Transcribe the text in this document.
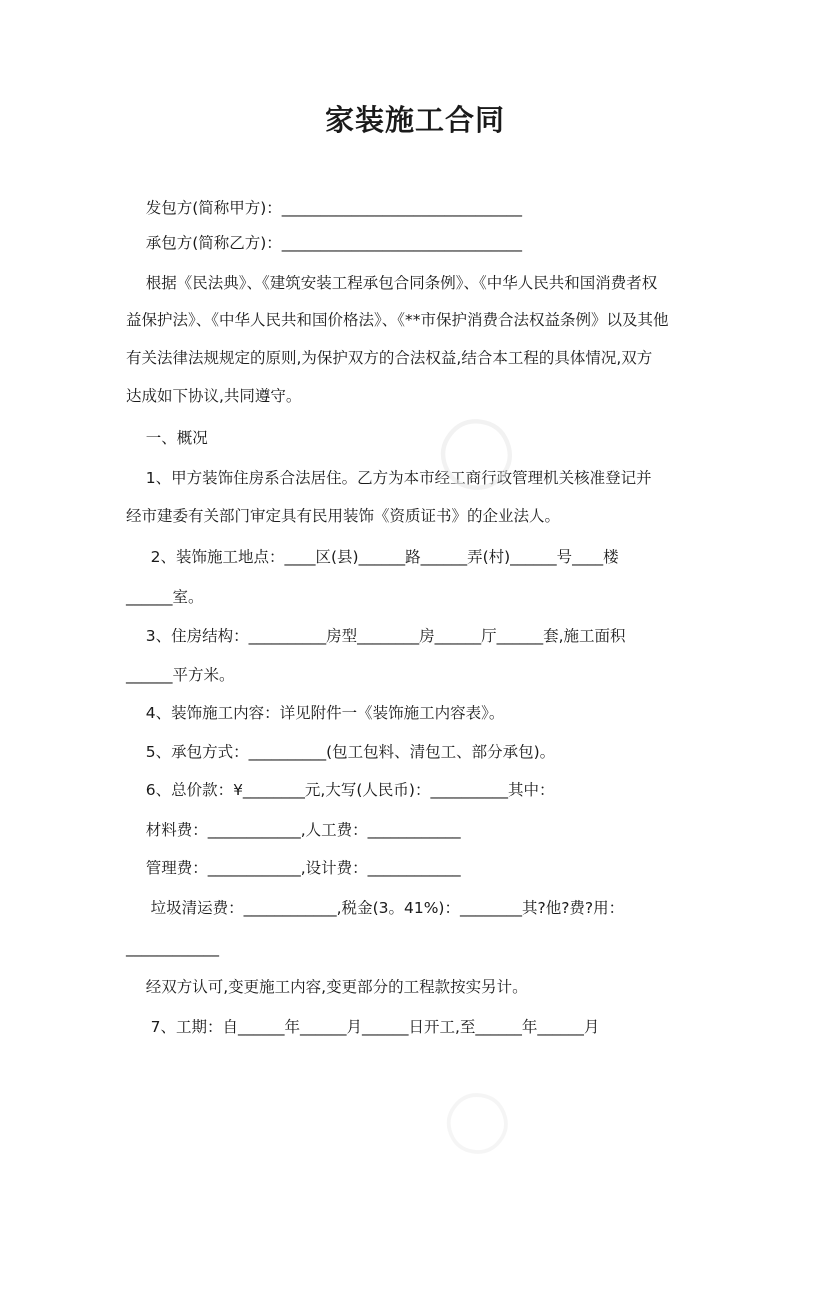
家装施工合同

发包方(简称甲方)：_______________________________

承包方(简称乙方)：_______________________________

根据《民法典》、《建筑安装工程承包合同条例》、《中华人民共和国消费者权

益保护法》、《中华人民共和国价格法》、《**市保护消费合法权益条例》以及其他

有关法律法规规定的原则,为保护双方的合法权益,结合本工程的具体情况,双方

达成如下协议,共同遵守。

一、概况

1、甲方装饰住房系合法居住。乙方为本市经工商行政管理机关核准登记并

经市建委有关部门审定具有民用装饰《资质证书》的企业法人。

2、装饰施工地点：____区(县)______路______弄(村)______号____楼

______室。

3、住房结构：__________房型________房______厅______套,施工面积

______平方米。

4、装饰施工内容：详见附件一《装饰施工内容表》。

5、承包方式：__________(包工包料、清包工、部分承包)。

6、总价款：¥________元,大写(人民币)：__________其中：

材料费：____________,人工费：____________

管理费：____________,设计费：____________

垃圾清运费：____________,税金(3。41%)：________其?他?费?用：

____________

经双方认可,变更施工内容,变更部分的工程款按实另计。

7、工期：自______年______月______日开工,至______年______月

◯
◯
